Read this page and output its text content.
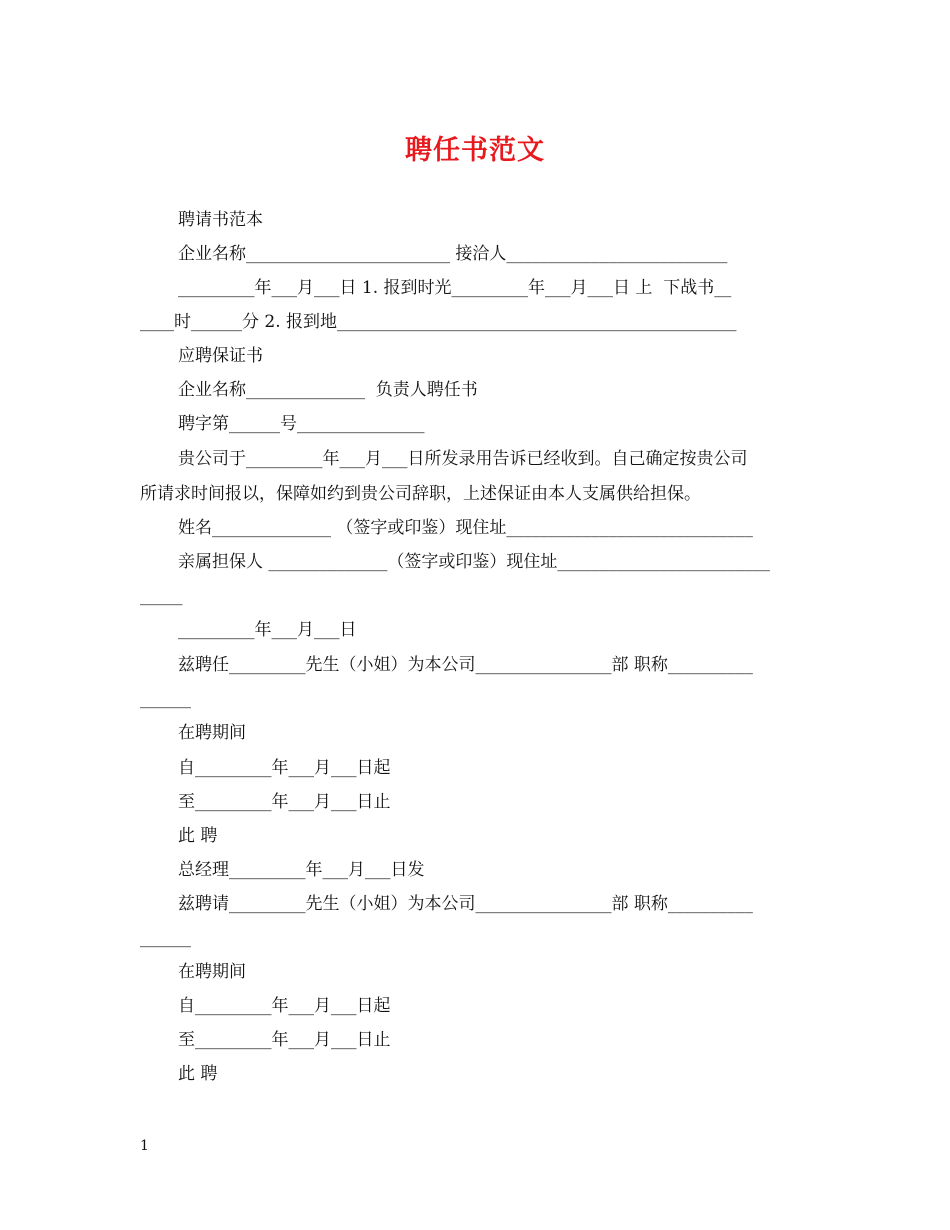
聘任书范文
聘请书范本
企业名称________________________ 接洽人__________________________
_________年___月___日 1. 报到时光_________年___月___日 上  下战书__
____时______分 2. 报到地_______________________________________________
应聘保证书
企业名称______________  负责人聘任书
聘字第______号_______________
贵公司于_________年___月___日所发录用告诉已经收到。自己确定按贵公司
所请求时间报以，保障如约到贵公司辞职，上述保证由本人支属供给担保。
姓名______________ （签字或印鉴）现住址_____________________________
亲属担保人 ______________（签字或印鉴）现住址_________________________
_____
_________年___月___日
兹聘任_________先生（小姐）为本公司________________部 职称__________
______
在聘期间
自_________年___月___日起
至_________年___月___日止
此 聘
总经理_________年___月___日发
兹聘请_________先生（小姐）为本公司________________部 职称__________
______
在聘期间
自_________年___月___日起
至_________年___月___日止
此 聘
1
